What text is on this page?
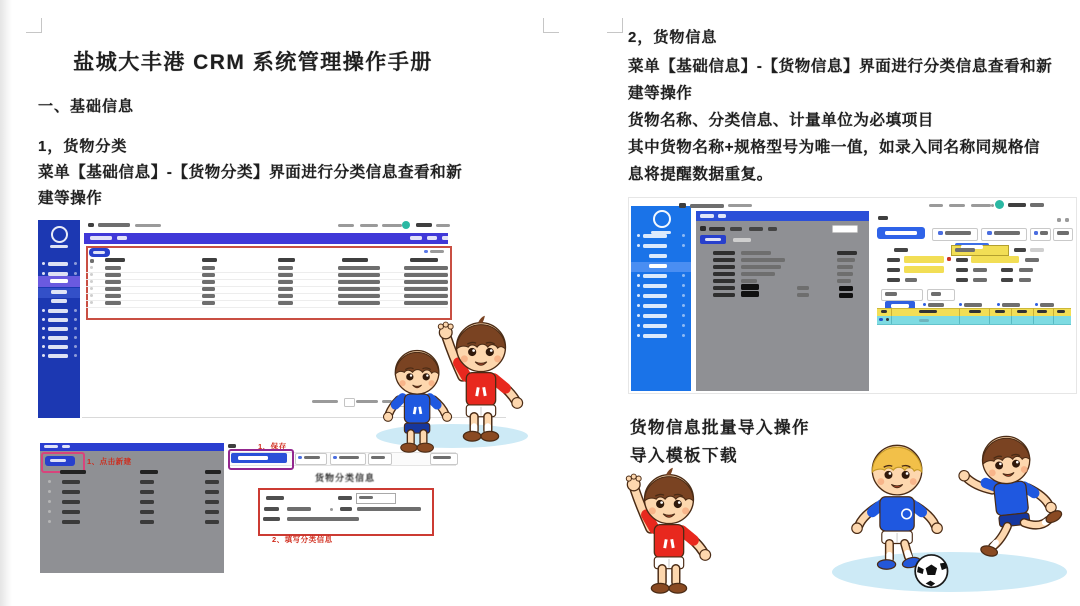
盐城大丰港 CRM 系统管理操作手册
一、基础信息
1，货物分类
菜单【基础信息】-【货物分类】界面进行分类信息查看和新
建等操作
1、点击新建
1、保存
货物分类信息
2、填写分类信息
2，货物信息
菜单【基础信息】-【货物信息】界面进行分类信息查看和新
建等操作
货物名称、分类信息、计量单位为必填项目
其中货物名称+规格型号为唯一值，如录入同名称同规格信
息将提醒数据重复。
货物信息批量导入操作
导入模板下载
